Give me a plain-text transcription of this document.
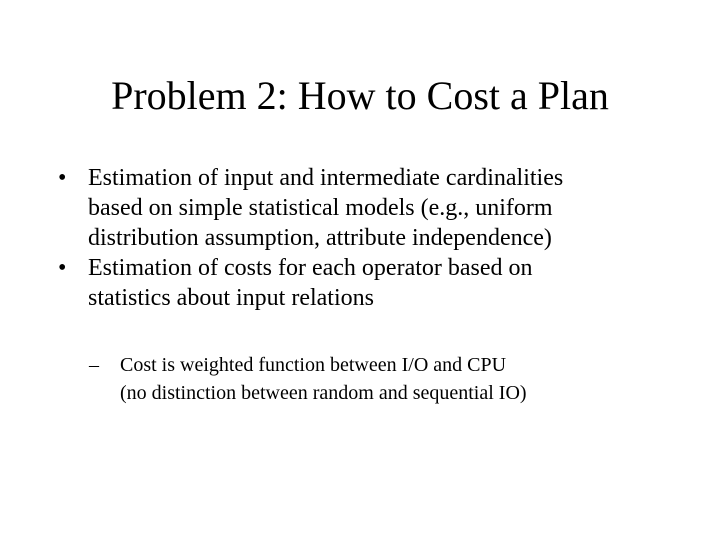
Problem 2: How to Cost a Plan
• Estimation of input and intermediate cardinalities
based on simple statistical models (e.g., uniform
distribution assumption, attribute independence)
• Estimation of costs for each operator based on
statistics about input relations
– Cost is weighted function between I/O and CPU
(no distinction between random and sequential IO)
